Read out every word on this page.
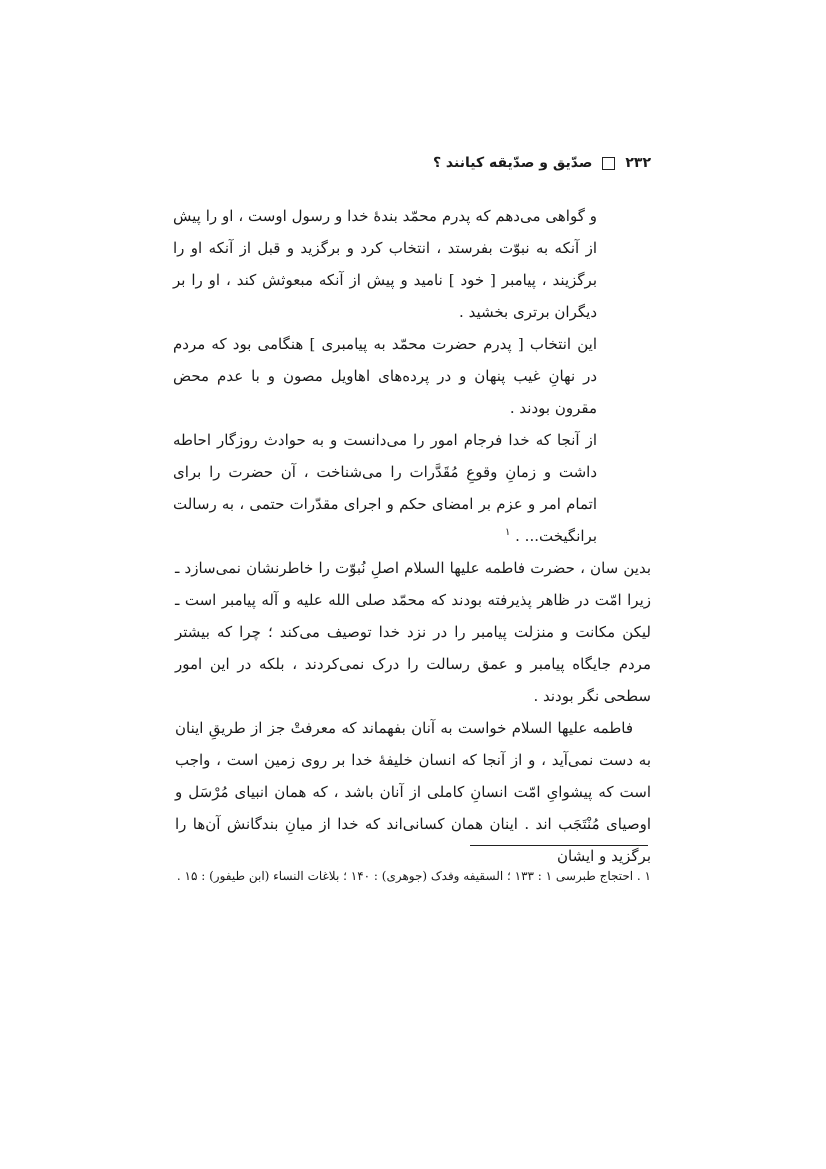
۲۳۲
صدّیق و صدّیقه کیانند ؟

و گواهی می‌دهم که پدرم محمّد بندهٔ خدا و رسول اوست ، او را پیش از آنکه به نبوّت بفرستد ، انتخاب کرد و برگزید و قبل از آنکه او را برگزیند ، پیامبر [ خود ] نامید و پیش از آنکه مبعوثش کند ، او را بر دیگران برتری بخشید .

این انتخاب [ پدرم حضرت محمّد به پیامبری ] هنگامی بود که مردم در نهانِ غیب پنهان و در پرده‌های اهاویل مصون و با عدم محض مقرون بودند .

از آنجا که خدا فرجام امور را می‌دانست و به حوادث روزگار احاطه داشت و زمانِ وقوعِ مُقَدَّرات را می‌شناخت ، آن حضرت را برای اتمام امر و عزم بر امضای حکم و اجرای مقدّرات حتمی ، به رسالت برانگیخت... . $^۱$

بدین سان ، حضرت فاطمه علیها السلام اصلِ نُبوّت را خاطرنشان نمی‌سازد ـ زیرا امّت در ظاهر پذیرفته بودند که محمّد صلی الله علیه و آله پیامبر است ـ لیکن مکانت و منزلت پیامبر را در نزد خدا توصیف می‌کند ؛ چرا که بیشتر مردم جایگاه پیامبر و عمق رسالت را درک نمی‌کردند ، بلکه در این امور سطحی نگر بودند .

فاطمه علیها السلام خواست به آنان بفهماند که معرفتْ جز از طریقِ اینان به دست نمی‌آید ، و از آنجا که انسان خلیفهٔ خدا بر روی زمین است ، واجب است که پیشوایِ امّت انسانِ کاملی از آنان باشد ، که همان انبیای مُرْسَل و اوصیای مُنْتَجَب اند . اینان همان کسانی‌اند که خدا از میانِ بندگانش آن‌ها را برگزید و ایشان

۱ . احتجاج طبرسی ۱ : ۱۳۳ ؛ السقیفه وفدک (جوهری) : ۱۴۰ ؛ بلاغات النساء (ابن طیفور) : ۱۵ .
